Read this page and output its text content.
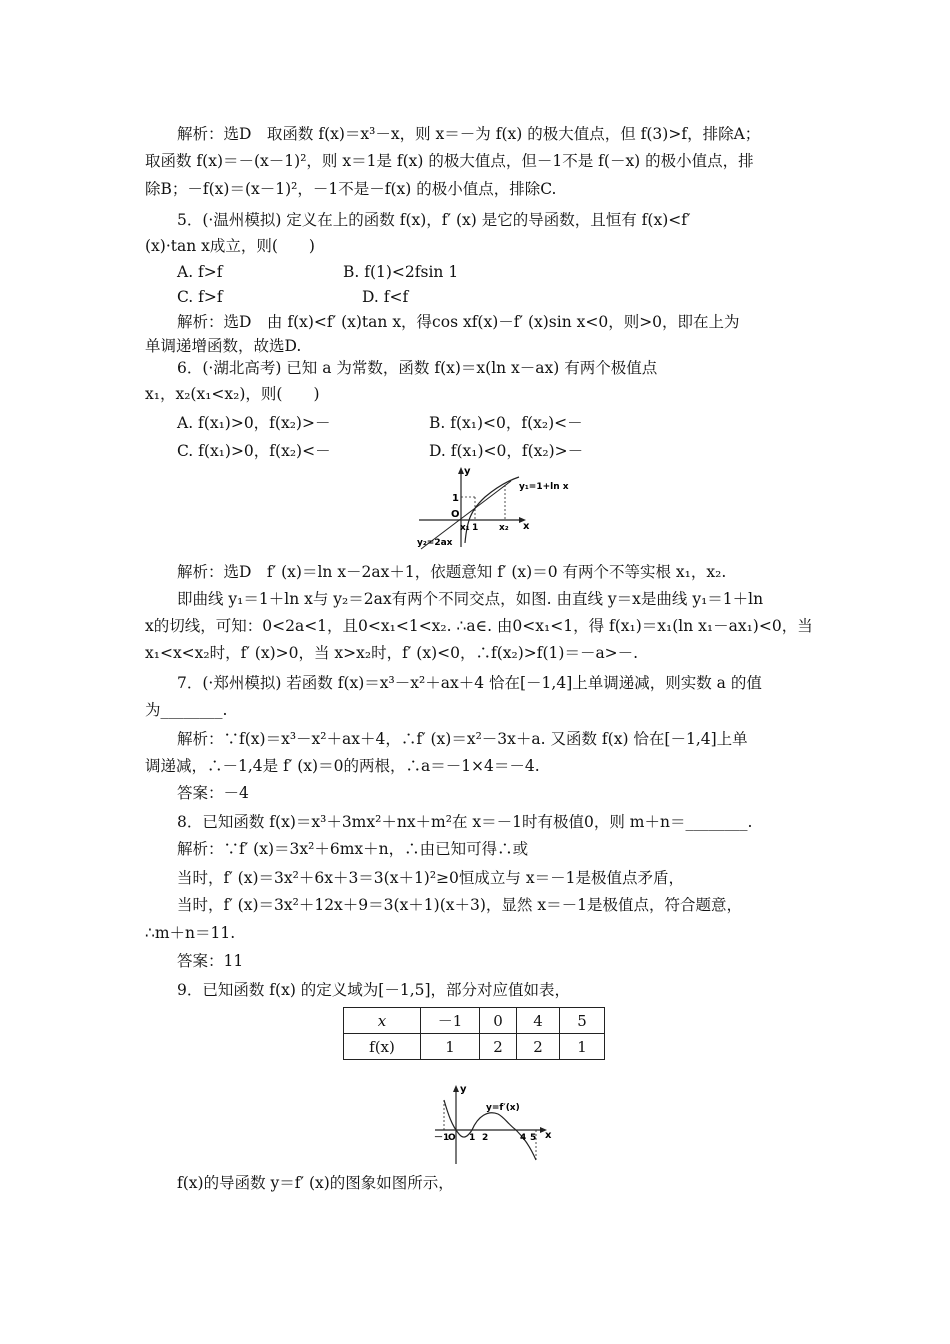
解析：选D　取函数 f(x)＝x³－x，则 x＝－为 f(x) 的极大值点，但 f(3)>f，排除A；
取函数 f(x)＝－(x－1)²，则 x＝1是 f(x) 的极大值点，但－1不是 f(－x) 的极小值点，排
除B；－f(x)＝(x－1)²，－1不是－f(x) 的极小值点，排除C.
5．(·温州模拟) 定义在上的函数 f(x)，f′ (x) 是它的导函数，且恒有 f(x)<f′
(x)·tan x成立，则(　　)
A. f>f	B. f(1)<2fsin 1
C. f>f	D. f<f
解析：选D　由 f(x)<f′ (x)tan x，得cos xf(x)－f′ (x)sin x<0，则>0，即在上为
单调递增函数，故选D.
6．(·湖北高考) 已知 a 为常数，函数 f(x)＝x(ln x－ax) 有两个极值点
x₁，x₂(x₁<x₂)，则(　　)
A. f(x₁)>0，f(x₂)>－	B. f(x₁)<0，f(x₂)<－
C. f(x₁)>0，f(x₂)<－	D. f(x₁)<0，f(x₂)>－
y
x
y₁=1+ln x
y₂=2ax
O
1
x₁ 1 x₂
解析：选D　f′ (x)＝ln x－2ax＋1，依题意知 f′ (x)＝0 有两个不等实根 x₁，x₂.
即曲线 y₁＝1＋ln x与 y₂＝2ax有两个不同交点，如图. 由直线 y＝x是曲线 y₁＝1＋ln
x的切线，可知：0<2a<1，且0<x₁<1<x₂. ∴a∈. 由0<x₁<1，得 f(x₁)＝x₁(ln x₁－ax₁)<0，当
x₁<x<x₂时，f′ (x)>0，当 x>x₂时，f′ (x)<0，∴f(x₂)>f(1)＝－a>－.
7．(·郑州模拟) 若函数 f(x)＝x³－x²＋ax＋4 恰在[－1,4]上单调递减，则实数 a 的值
为________.
解析：∵f(x)＝x³－x²＋ax＋4，∴f′ (x)＝x²－3x＋a. 又函数 f(x) 恰在[－1,4]上单
调递减，∴－1,4是 f′ (x)＝0的两根，∴a＝－1×4＝－4.
答案：－4
8．已知函数 f(x)＝x³＋3mx²＋nx＋m²在 x＝－1时有极值0，则 m＋n＝________.
解析：∵f′ (x)＝3x²＋6mx＋n，∴由已知可得∴或
当时，f′ (x)＝3x²＋6x＋3＝3(x＋1)²≥0恒成立与 x＝－1是极值点矛盾，
当时，f′ (x)＝3x²＋12x＋9＝3(x＋1)(x＋3)，显然 x＝－1是极值点，符合题意，
∴m＋n＝11.
答案：11
9．已知函数 f(x) 的定义域为[－1,5]，部分对应值如表，
x	－1	0	4	5
f(x)	1	2	2	1
y
x
y=f′(x)
－1
O 1 2	4 5
f(x)的导函数 y＝f′ (x)的图象如图所示，
